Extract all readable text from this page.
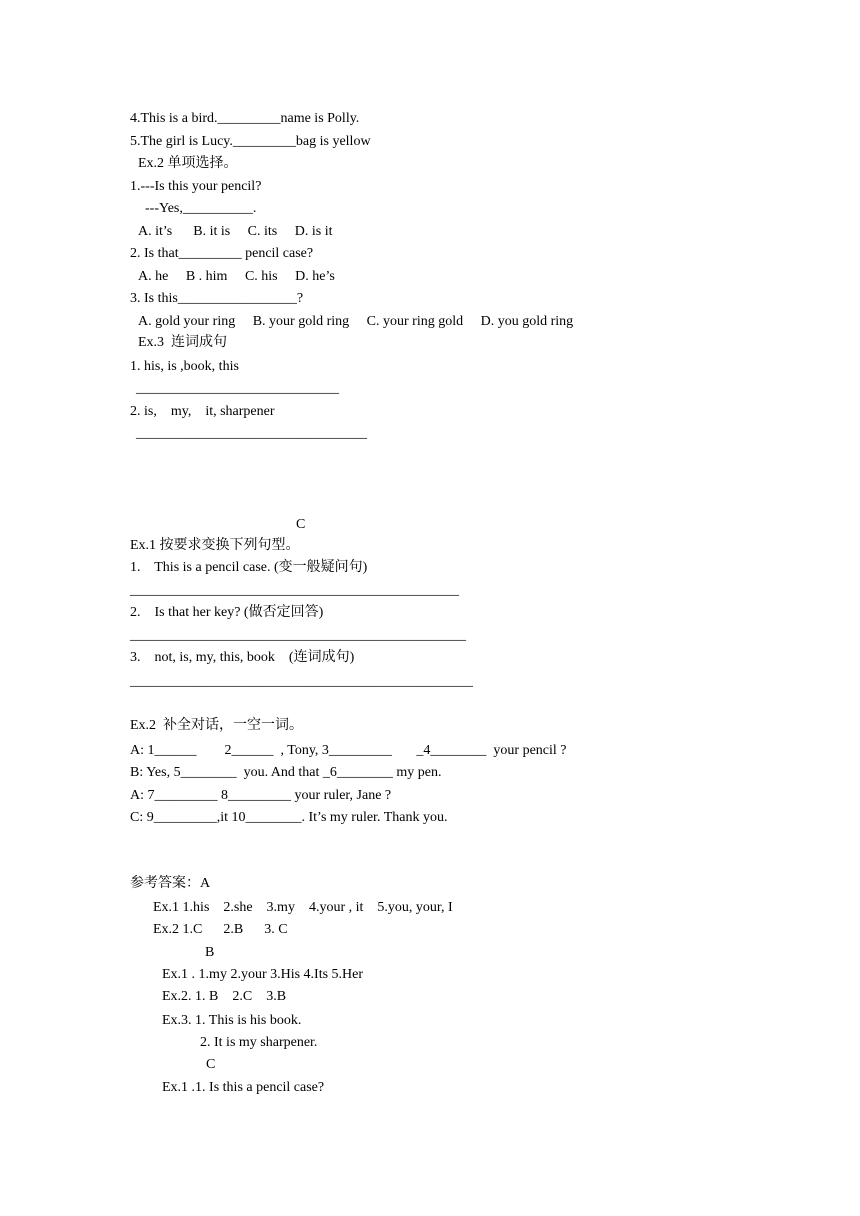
4.This is a bird._________name is Polly.
5.The girl is Lucy._________bag is yellow
Ex.2 单项选择。
1.---Is this your pencil?
---Yes,__________.
A. it’s      B. it is     C. its     D. is it
2. Is that_________ pencil case?
A. he     B . him     C. his     D. he’s
3. Is this_________________?
A. gold your ring     B. your gold ring     C. your ring gold     D. you gold ring
Ex.3  连词成句
1. his, is ,book, this
_____________________________
2. is,    my,    it, sharpener
_________________________________
C
Ex.1 按要求变换下列句型。
1.    This is a pencil case. (变一般疑问句)
_______________________________________________
2.    Is that her key? (做否定回答)
________________________________________________
3.    not, is, my, this, book    (连词成句)
_________________________________________________
Ex.2  补全对话，一空一词。
A: 1______        2______  , Tony, 3_________       _4________  your pencil ?
B: Yes, 5________  you. And that _6________ my pen.
A: 7_________ 8_________ your ruler, Jane ?
C: 9_________,it 10________. It’s my ruler. Thank you.
参考答案：A
Ex.1 1.his    2.she    3.my    4.your , it    5.you, your, I
Ex.2 1.C      2.B      3. C
B
Ex.1 . 1.my 2.your 3.His 4.Its 5.Her
Ex.2. 1. B    2.C    3.B
Ex.3. 1. This is his book.
2. It is my sharpener.
C
Ex.1 .1. Is this a pencil case?
